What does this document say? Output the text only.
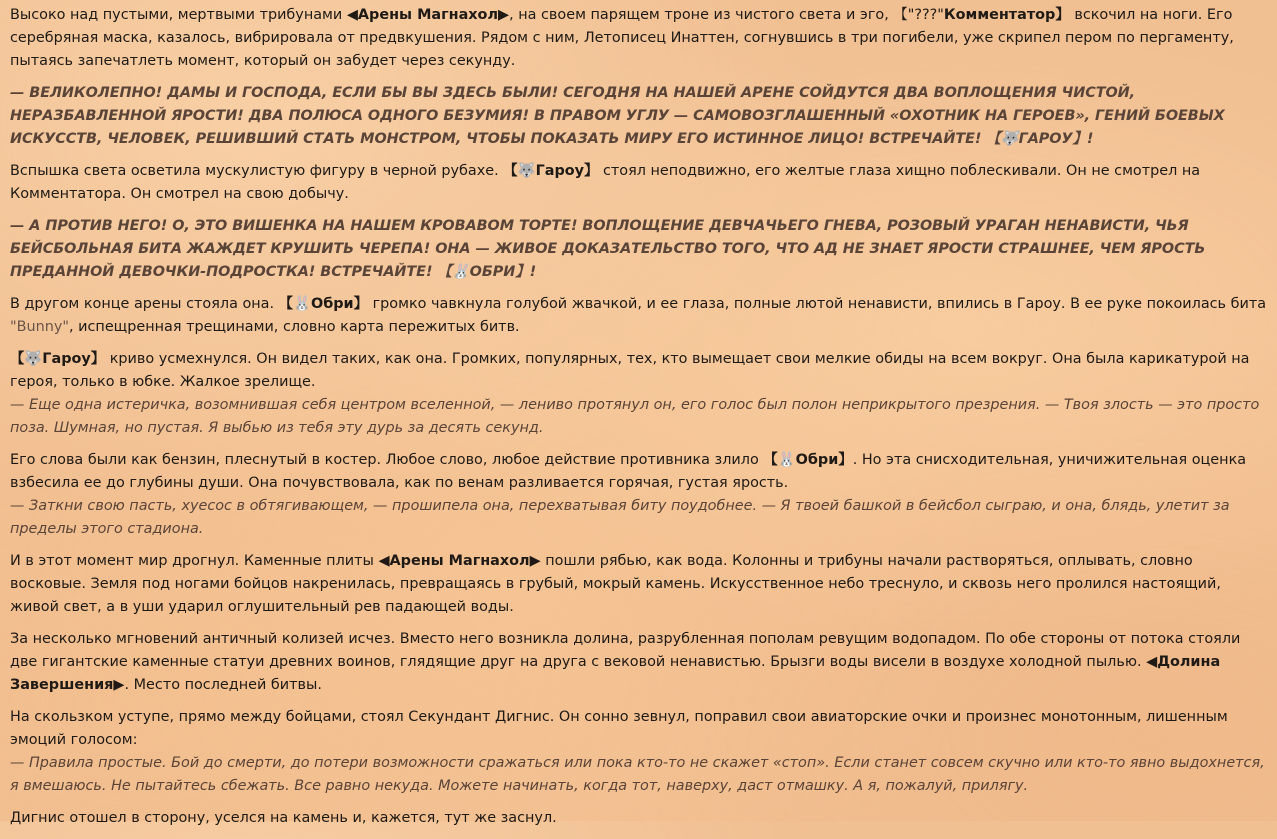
Высоко над пустыми, мертвыми трибунами ◀Арены Магнахол▶, на своем парящем троне из чистого света и эго, 【"???"Комментатор】 вскочил на ноги. Его серебряная маска, казалось, вибрировала от предвкушения. Рядом с ним, Летописец Инаттен, согнувшись в три погибели, уже скрипел пером по пергаменту, пытаясь запечатлеть момент, который он забудет через секунду.

— ВЕЛИКОЛЕПНО! ДАМЫ И ГОСПОДА, ЕСЛИ БЫ ВЫ ЗДЕСЬ БЫЛИ! СЕГОДНЯ НА НАШЕЙ АРЕНЕ СОЙДУТСЯ ДВА ВОПЛОЩЕНИЯ ЧИСТОЙ, НЕРАЗБАВЛЕННОЙ ЯРОСТИ! ДВА ПОЛЮСА ОДНОГО БЕЗУМИЯ! В ПРАВОМ УГЛУ — САМОВОЗГЛАШЕННЫЙ «ОХОТНИК НА ГЕРОЕВ», ГЕНИЙ БОЕВЫХ ИСКУССТВ, ЧЕЛОВЕК, РЕШИВШИЙ СТАТЬ МОНСТРОМ, ЧТОБЫ ПОКАЗАТЬ МИРУ ЕГО ИСТИННОЕ ЛИЦО! ВСТРЕЧАЙТЕ! 【🐺ГАРОУ】!

Вспышка света осветила мускулистую фигуру в черной рубахе. 【🐺Гароу】 стоял неподвижно, его желтые глаза хищно поблескивали. Он не смотрел на Комментатора. Он смотрел на свою добычу.

— А ПРОТИВ НЕГО! О, ЭТО ВИШЕНКА НА НАШЕМ КРОВАВОМ ТОРТЕ! ВОПЛОЩЕНИЕ ДЕВЧАЧЬЕГО ГНЕВА, РОЗОВЫЙ УРАГАН НЕНАВИСТИ, ЧЬЯ БЕЙСБОЛЬНАЯ БИТА ЖАЖДЕТ КРУШИТЬ ЧЕРЕПА! ОНА — ЖИВОЕ ДОКАЗАТЕЛЬСТВО ТОГО, ЧТО АД НЕ ЗНАЕТ ЯРОСТИ СТРАШНЕЕ, ЧЕМ ЯРОСТЬ ПРЕДАННОЙ ДЕВОЧКИ-ПОДРОСТКА! ВСТРЕЧАЙТЕ! 【🐰ОБРИ】!

В другом конце арены стояла она. 【🐰Обри】 громко чавкнула голубой жвачкой, и ее глаза, полные лютой ненависти, впились в Гароу. В ее руке покоилась бита "Bunny", испещренная трещинами, словно карта пережитых битв.

【🐺Гароу】 криво усмехнулся. Он видел таких, как она. Громких, популярных, тех, кто вымещает свои мелкие обиды на всем вокруг. Она была карикатурой на героя, только в юбке. Жалкое зрелище.

— Еще одна истеричка, возомнившая себя центром вселенной, — лениво протянул он, его голос был полон неприкрытого презрения. — Твоя злость — это просто поза. Шумная, но пустая. Я выбью из тебя эту дурь за десять секунд.

Его слова были как бензин, плеснутый в костер. Любое слово, любое действие противника злило 【🐰Обри】. Но эта снисходительная, уничижительная оценка взбесила ее до глубины души. Она почувствовала, как по венам разливается горячая, густая ярость.

— Заткни свою пасть, хуесос в обтягивающем, — прошипела она, перехватывая биту поудобнее. — Я твоей башкой в бейсбол сыграю, и она, блядь, улетит за пределы этого стадиона.

И в этот момент мир дрогнул. Каменные плиты ◀Арены Магнахол▶ пошли рябью, как вода. Колонны и трибуны начали растворяться, оплывать, словно восковые. Земля под ногами бойцов накренилась, превращаясь в грубый, мокрый камень. Искусственное небо треснуло, и сквозь него пролился настоящий, живой свет, а в уши ударил оглушительный рев падающей воды.

За несколько мгновений античный колизей исчез. Вместо него возникла долина, разрубленная пополам ревущим водопадом. По обе стороны от потока стояли две гигантские каменные статуи древних воинов, глядящие друг на друга с вековой ненавистью. Брызги воды висели в воздухе холодной пылью. ◀Долина Завершения▶. Место последней битвы.

На скользком уступе, прямо между бойцами, стоял Секундант Дигнис. Он сонно зевнул, поправил свои авиаторские очки и произнес монотонным, лишенным эмоций голосом:

— Правила простые. Бой до смерти, до потери возможности сражаться или пока кто-то не скажет «стоп». Если станет совсем скучно или кто-то явно выдохнется, я вмешаюсь. Не пытайтесь сбежать. Все равно некуда. Можете начинать, когда тот, наверху, даст отмашку. А я, пожалуй, прилягу.

Дигнис отошел в сторону, уселся на камень и, кажется, тут же заснул.
